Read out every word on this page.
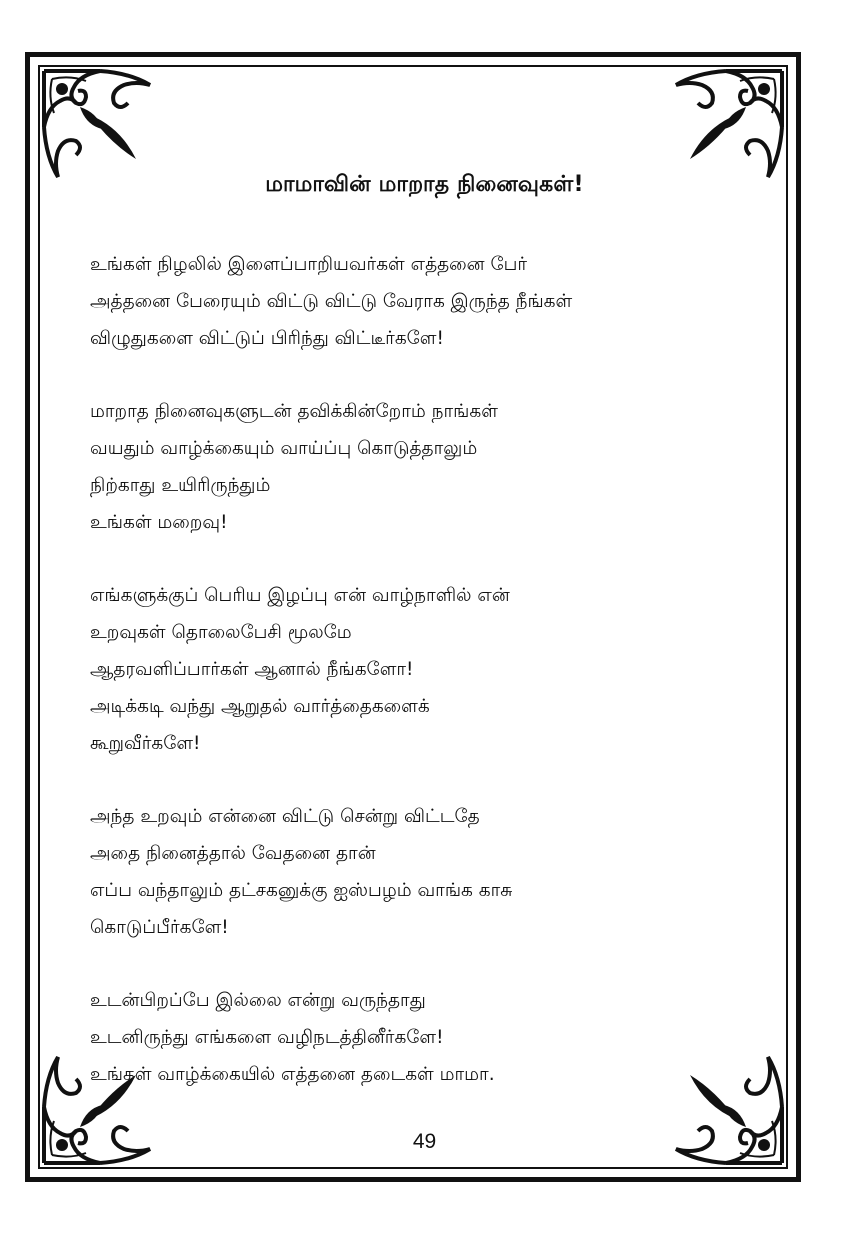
மாமாவின் மாறாத நினைவுகள்!
உங்கள் நிழலில் இளைப்பாறியவர்கள் எத்தனை பேர்
அத்தனை பேரையும் விட்டு விட்டு வேராக இருந்த நீங்கள்
விழுதுகளை விட்டுப் பிரிந்து விட்டீர்களே!
மாறாத நினைவுகளுடன் தவிக்கின்றோம் நாங்கள்
வயதும் வாழ்க்கையும் வாய்ப்பு கொடுத்தாலும்
நிற்காது உயிரிருந்தும்
உங்கள் மறைவு!
எங்களுக்குப் பெரிய இழப்பு என் வாழ்நாளில் என்
உறவுகள் தொலைபேசி மூலமே
ஆதரவளிப்பார்கள் ஆனால் நீங்களோ!
அடிக்கடி வந்து ஆறுதல் வார்த்தைகளைக்
கூறுவீர்களே!
அந்த உறவும் என்னை விட்டு சென்று விட்டதே
அதை நினைத்தால் வேதனை தான்
எப்ப வந்தாலும் தட்சகனுக்கு ஐஸ்பழம் வாங்க காசு
கொடுப்பீர்களே!
உடன்பிறப்பே இல்லை என்று வருந்தாது
உடனிருந்து எங்களை வழிநடத்தினீர்களே!
உங்கள் வாழ்க்கையில் எத்தனை தடைகள் மாமா.
49
